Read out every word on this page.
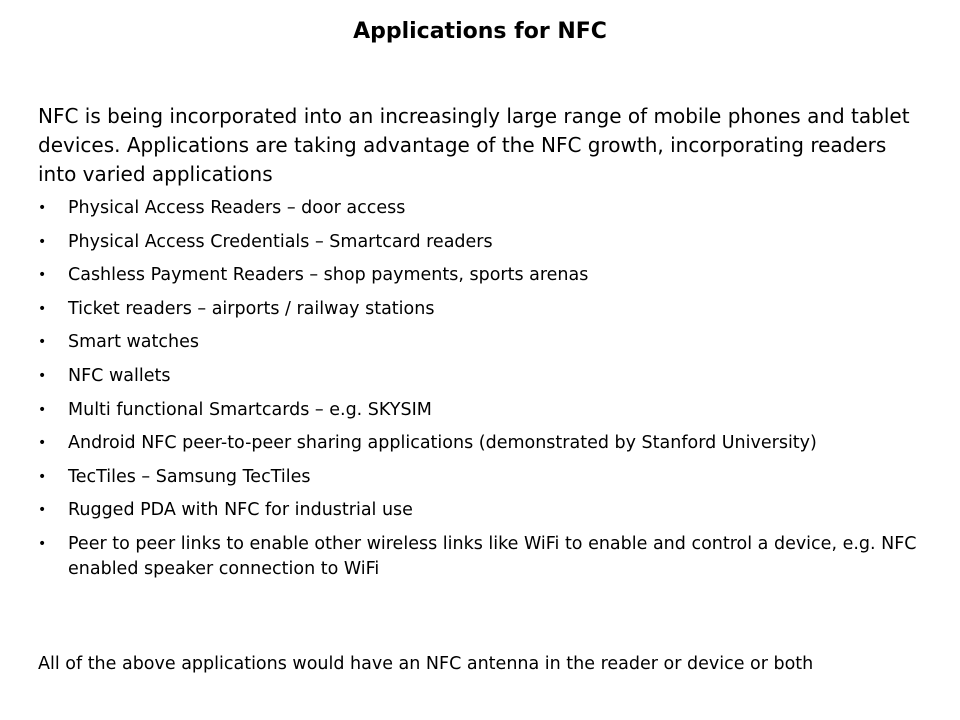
Applications for NFC
NFC is being incorporated into an increasingly large range of mobile phones and tablet devices. Applications are taking advantage of the NFC growth, incorporating readers into varied applications
• Physical Access Readers – door access
• Physical Access Credentials – Smartcard readers
• Cashless Payment Readers – shop payments, sports arenas
• Ticket readers – airports / railway stations
• Smart watches
• NFC wallets
• Multi functional Smartcards – e.g. SKYSIM
• Android NFC peer-to-peer sharing applications (demonstrated by Stanford University)
• TecTiles – Samsung TecTiles
• Rugged PDA with NFC for industrial use
• Peer to peer links to enable other wireless links like WiFi to enable and control a device, e.g. NFC enabled speaker connection to WiFi
All of the above applications would have an NFC antenna in the reader or device or both
